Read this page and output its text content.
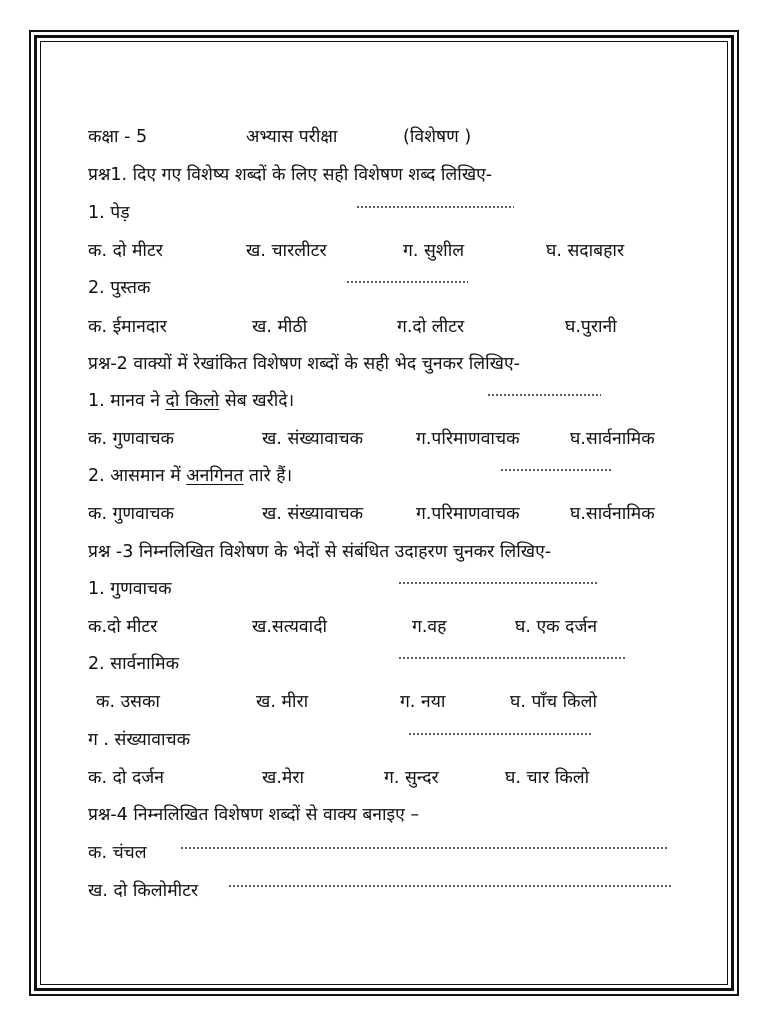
कक्षा - 5	अभ्यास परीक्षा	(विशेषण )
प्रश्न1. दिए गए विशेष्य शब्दों के लिए सही विशेषण शब्द लिखिए-
1. पेड़
क. दो मीटर	ख. चारलीटर	ग. सुशील	घ. सदाबहार
2. पुस्तक
क. ईमानदार	ख. मीठी	ग.दो लीटर	घ.पुरानी
प्रश्न-2 वाक्यों में रेखांकित विशेषण शब्दों के सही भेद चुनकर लिखिए-
1. मानव ने दो किलो सेब खरीदे।
क. गुणवाचक	ख. संख्यावाचक	ग.परिमाणवाचक	घ.सार्वनामिक
2. आसमान में अनगिनत तारे हैं।
क. गुणवाचक	ख. संख्यावाचक	ग.परिमाणवाचक	घ.सार्वनामिक
प्रश्न -3 निम्नलिखित विशेषण के भेदों से संबंधित उदाहरण चुनकर लिखिए-
1. गुणवाचक
क.दो मीटर	ख.सत्यवादी	ग.वह	घ. एक दर्जन
2. सार्वनामिक
क. उसका	ख. मीरा	ग. नया	घ. पाँच किलो
ग . संख्यावाचक
क. दो दर्जन	ख.मेरा	ग. सुन्दर	घ. चार किलो
प्रश्न-4 निम्नलिखित विशेषण शब्दों से वाक्य बनाइए –
क. चंचल
ख. दो किलोमीटर
